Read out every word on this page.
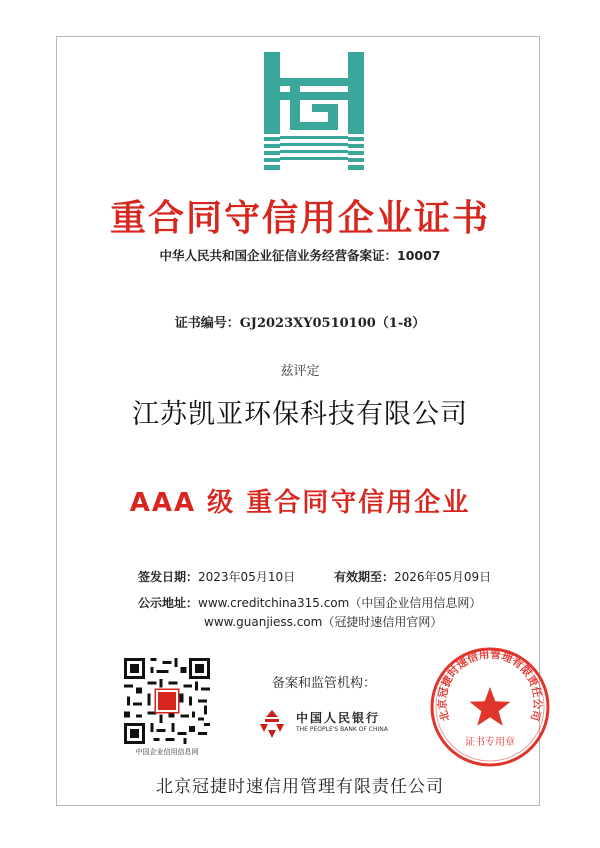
重合同守信用企业证书
中华人民共和国企业征信业务经营备案证：10007
证书编号：GJ2023XY0510100（1-8）
兹评定
江苏凯亚环保科技有限公司
AAA 级 重合同守信用企业
签发日期：2023年05月10日	有效期至：2026年05月09日
公示地址：www.creditchina315.com（中国企业信用信息网）
www.guanjiess.com（冠捷时速信用官网）
中国企业信用信息网
备案和监管机构：
中国人民银行
THE PEOPLE'S BANK OF CHINA
北京冠捷时速信用管理有限责任公司
证书专用章
北京冠捷时速信用管理有限责任公司
